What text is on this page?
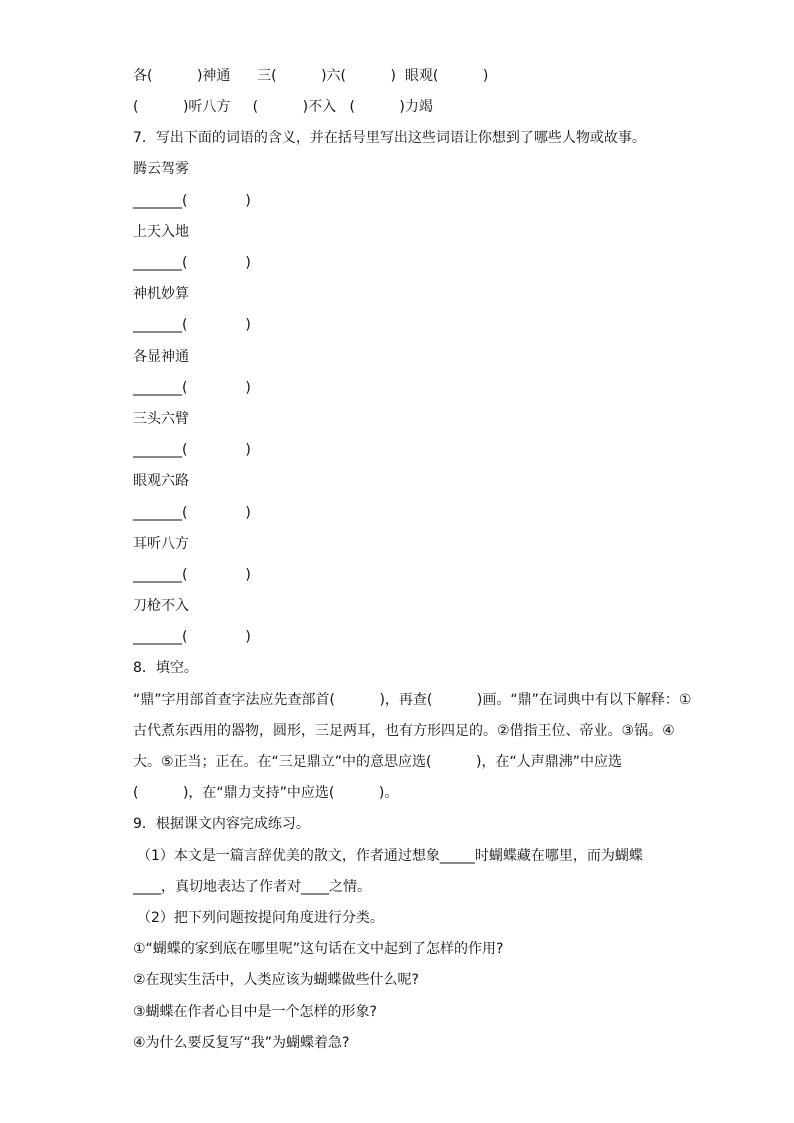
各(          )神通      三(          )六(          )  眼观(          )
(          )听八方     (          )不入   (          )力竭
7．写出下面的词语的含义，并在括号里写出这些词语让你想到了哪些人物或故事。
腾云驾雾
_______(             )
上天入地
_______(             )
神机妙算
_______(             )
各显神通
_______(             )
三头六臂
_______(             )
眼观六路
_______(             )
耳听八方
_______(             )
刀枪不入
_______(             )
8．填空。
“鼎”字用部首查字法应先查部首(          )，再查(          )画。“鼎”在词典中有以下解释：①
古代煮东西用的器物，圆形，三足两耳，也有方形四足的。②借指王位、帝业。③锅。④
大。⑤正当；正在。在“三足鼎立”中的意思应选(          )，在“人声鼎沸”中应选
(          )，在“鼎力支持”中应选(          )。
9．根据课文内容完成练习。
（1）本文是一篇言辞优美的散文，作者通过想象_____时蝴蝶藏在哪里，而为蝴蝶
____，真切地表达了作者对____之情。
（2）把下列问题按提问角度进行分类。
①“蝴蝶的家到底在哪里呢”这句话在文中起到了怎样的作用?
②在现实生活中，人类应该为蝴蝶做些什么呢?
③蝴蝶在作者心目中是一个怎样的形象?
④为什么要反复写“我”为蝴蝶着急?
